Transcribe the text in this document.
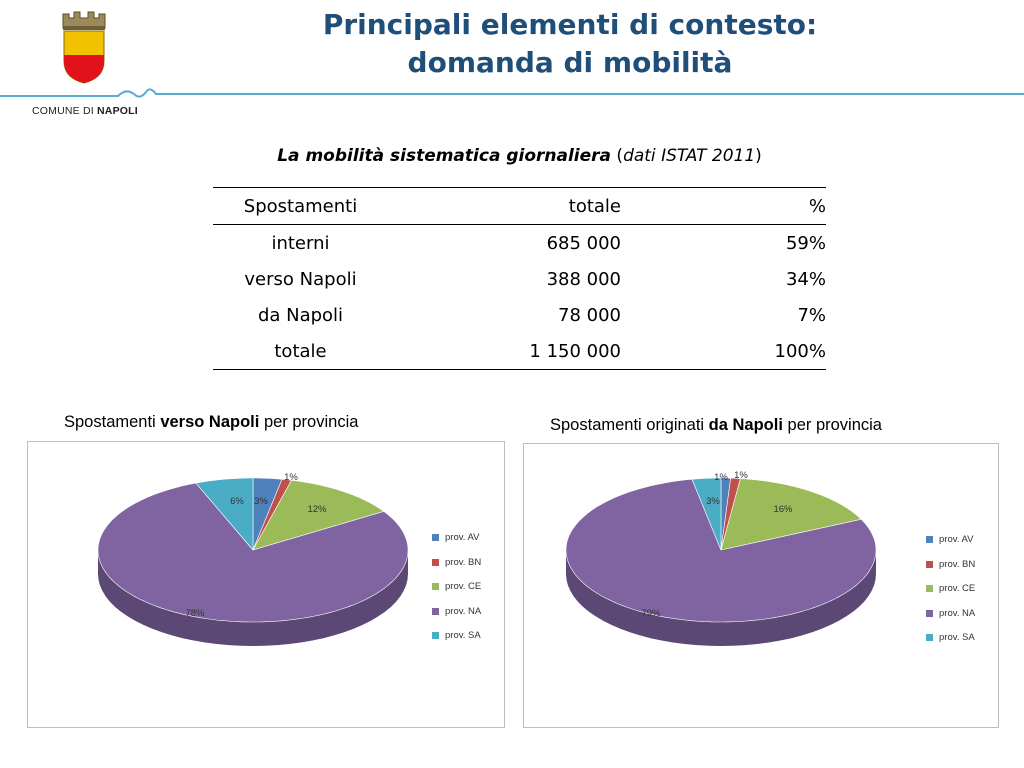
COMUNE DI NAPOLI
Principali elementi di contesto:
domanda di mobilità
La mobilità sistematica giornaliera (dati ISTAT 2011)
Spostamenti	totale	%
interni	685 000	59%
verso Napoli	388 000	34%
da Napoli	78 000	7%
totale	1 150 000	100%
Spostamenti verso Napoli per provincia
3%
1%
12%
78%
6%
prov. AV
prov. BN
prov. CE
prov. NA
prov. SA
Spostamenti originati da Napoli per provincia
1% 1%
16%
79%
3%
prov. AV
prov. BN
prov. CE
prov. NA
prov. SA
